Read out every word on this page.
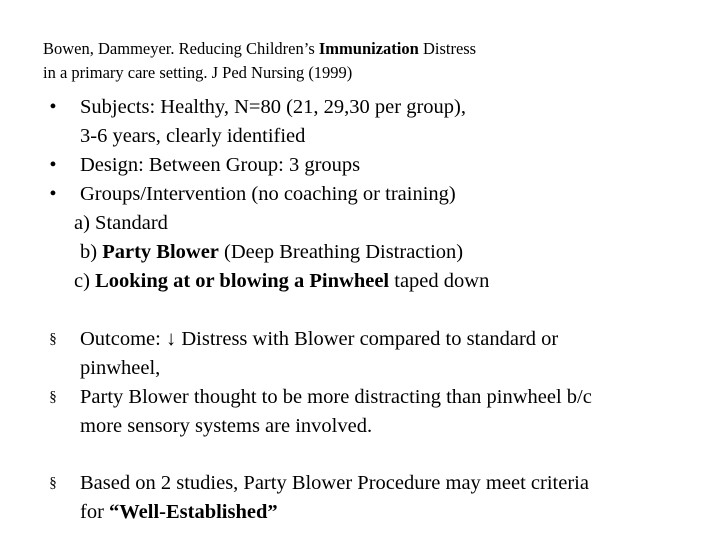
Bowen, Dammeyer. Reducing Children’s Immunization Distress
in a primary care setting. J Ped Nursing (1999)
•	Subjects: Healthy, N=80 (21, 29,30 per group),
3-6 years, clearly identified
•	Design: Between Group: 3 groups
•	Groups/Intervention (no coaching or training)
a) Standard
b) Party Blower (Deep Breathing Distraction)
c) Looking at or blowing a Pinwheel taped down
§	Outcome: ↓ Distress with Blower compared to standard or
pinwheel,
§	Party Blower thought to be more distracting than pinwheel b/c
more sensory systems are involved.
§	Based on 2 studies, Party Blower Procedure may meet criteria
for “Well-Established”
